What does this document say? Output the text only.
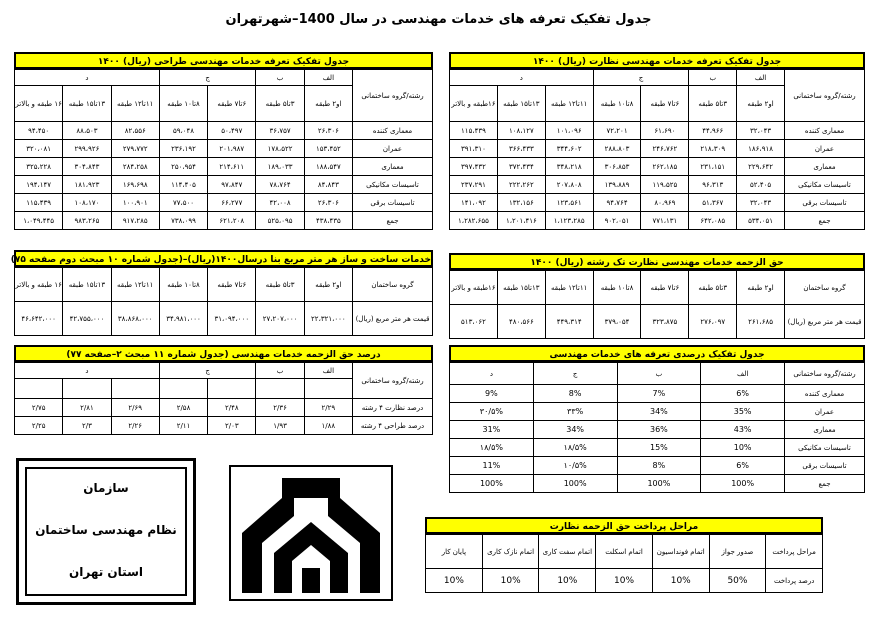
جدول تفکیک تعرفه های خدمات مهندسی در سال 1400–شهرتهران
جدول تفکیک تعرفه خدمات مهندسی طراحی (ریال) ۱۴۰۰
رشته/گروه ساختمانی	الف	ب	ج		د		
	او۲ طبقه	۳تا۵ طبقه	۶تا۷ طبقه	۸تا۱۰ طبقه	۱۱تا۱۲ طبقه	۱۳تا۱۵ طبقه	۱۶ طبقه و بالاتر
معماری کننده	۲۶،۳۰۶	۳۶،۷۵۷	۵۰،۴۹۷	۵۹،۰۴۸	۸۲،۵۵۶	۸۸،۵۰۳	۹۴،۴۵۰
عمران	۱۵۳،۴۵۲	۱۷۸،۵۲۲	۲۰۱،۹۸۷	۲۳۶،۱۹۲	۲۷۹،۷۷۲	۲۹۹،۹۲۶	۳۲۰،۰۸۱
معماری	۱۸۸،۵۴۷	۱۸۹،۰۳۳	۲۱۴،۶۱۱	۲۵۰،۹۵۴	۲۸۴،۲۵۸	۳۰۴،۸۴۳	۳۲۵،۲۲۸
تاسیسات مکانیکی	۸۴،۸۴۳	۷۸،۷۶۴	۹۷،۸۴۷	۱۱۴،۴۰۵	۱۶۹،۶۹۸	۱۸۱،۹۲۳	۱۹۴،۱۴۷
تاسیسات برقی	۲۶،۳۰۶	۴۲،۰۰۸	۶۶،۲۷۷	۷۷،۵۰۰	۱۰۰،۹۰۱	۱۰۸،۱۷۰	۱۱۵،۴۳۹
جمع	۴۳۸،۴۳۵	۵۲۵،۰۹۵	۶۲۱،۲۰۸	۷۳۸،۰۹۹	۹۱۷،۲۸۵	۹۸۳،۲۶۵	۱،۰۴۹،۴۴۵
جدول تفکیک تعرفه خدمات مهندسی نظارت (ریال) ۱۴۰۰
رشته/گروه ساختمانی	الف	ب	ج		د		
	او۲ طبقه	۳تا۵ طبقه	۶تا۷ طبقه	۸تا۱۰ طبقه	۱۱تا۱۲ طبقه	۱۳تا۱۵ طبقه	۱۶طبقه و بالاتر
معماری کننده	۳۲،۰۴۳	۴۴،۹۶۶	۶۱،۶۹۰	۷۲،۲۰۱	۱۰۱،۰۹۶	۱۰۸،۱۲۷	۱۱۵،۴۳۹
عمران	۱۸۶،۹۱۸	۲۱۸،۳۰۹	۲۴۶،۷۶۲	۲۸۸،۸۰۳	۳۴۴،۶۰۲	۳۶۶،۴۳۳	۳۹۱،۳۱۰
معماری	۲۲۹،۶۴۲	۲۳۱،۱۵۱	۲۶۲،۱۸۵	۳۰۶،۸۵۳	۳۴۸،۲۱۸	۳۷۲،۴۳۴	۳۹۷،۴۳۲
تاسیسات مکانیکی	۵۲،۴۰۵	۹۶،۳۱۳	۱۱۹،۵۲۵	۱۳۹،۸۸۹	۲۰۷،۸۰۸	۲۲۲،۲۶۲	۲۳۷،۲۹۱
تاسیسات برقی	۳۲،۰۴۳	۵۱،۳۶۷	۸۰،۹۶۹	۹۴،۷۶۴	۱۲۳،۵۶۱	۱۳۲،۱۵۶	۱۴۱،۰۹۲
جمع	۵۳۴،۰۵۱	۶۴۲،۰۸۵	۷۷۱،۱۳۱	۹۰۲،۰۵۱	۱،۱۲۳،۲۸۵	۱،۲۰۱،۴۱۶	۱،۲۸۲،۶۵۵
خدمات ساخت و ساز هر متر مربع بنا درسال۱۴۰۰(ریال)–(جدول شماره ۱۰ مبحث دوم صفحه ۷۵)
گروه ساختمان	او۲ طبقه	۳تا۵ طبقه	۶تا۷ طبقه	۸تا۱۰ طبقه	۱۱تا۱۲ طبقه	۱۳تا۱۵ طبقه	۱۶ طبقه و بالاتر
قیمت هر متر مربع (ریال)	۲۲،۳۲۱،۰۰۰	۲۷،۲۰۷،۰۰۰	۳۱،۰۹۴،۰۰۰	۳۴،۹۸۱،۰۰۰	۳۸،۸۶۸،۰۰۰	۴۲،۷۵۵،۰۰۰	۴۶،۶۴۲،۰۰۰
حق الزحمه خدمات مهندسی نظارت تک رشته (ریال) ۱۴۰۰
گروه ساختمان	او۲ طبقه	۳تا۵ طبقه	۶تا۷ طبقه	۸تا۱۰ طبقه	۱۱تا۱۲ طبقه	۱۳تا۱۵ طبقه	۱۶طبقه و بالاتر
قیمت هر متر مربع (ریال)	۲۶۱،۶۸۵	۲۷۶،۰۹۷	۳۲۳،۸۷۵	۳۷۹،۰۵۴	۴۴۹،۳۱۴	۴۸۰،۵۶۶	۵۱۳،۰۶۲
درصد حق الزحمه خدمات مهندسی (جدول شماره ۱۱ مبحث ۲–صفحه ۷۷)
رشته/گروه ساختمانی	الف	ب	ج		د		

درصد نظارت ۴ رشته	۲/۲۹	۲/۳۶	۲/۴۸	۲/۵۸	۲/۶۹	۲/۸۱	۲/۷۵
درصد طراحی ۴ رشته	۱/۸۸	۱/۹۳	۲/۰۳	۲/۱۱	۲/۲۶	۲/۳	۲/۲۵
جدول تفکیک درصدی تعرفه های خدمات مهندسی
رشته/گروه ساختمانی	الف	ب	ج	د
معماری کننده	6%	7%	8%	9%
عمران	35%	34%	۳۳%	۳۰/۵%
معماری	43%	36%	34%	31%
تاسیسات مکانیکی	10%	15%	۱۸/۵%	۱۸/۵%
تاسیسات برقی	6%	8%	۱۰/۵%	11%
جمع	100%	100%	100%	100%
مراحل پرداخت حق الزحمه نظارت
مراحل پرداخت	صدور جواز	اتمام فونداسیون	اتمام اسکلت	اتمام سفت کاری	اتمام نازک کاری	پایان کار
درصد پرداخت	50%	10%	10%	10%	10%	10%
سازمان
نظام مهندسی ساختمان
استان تهران
